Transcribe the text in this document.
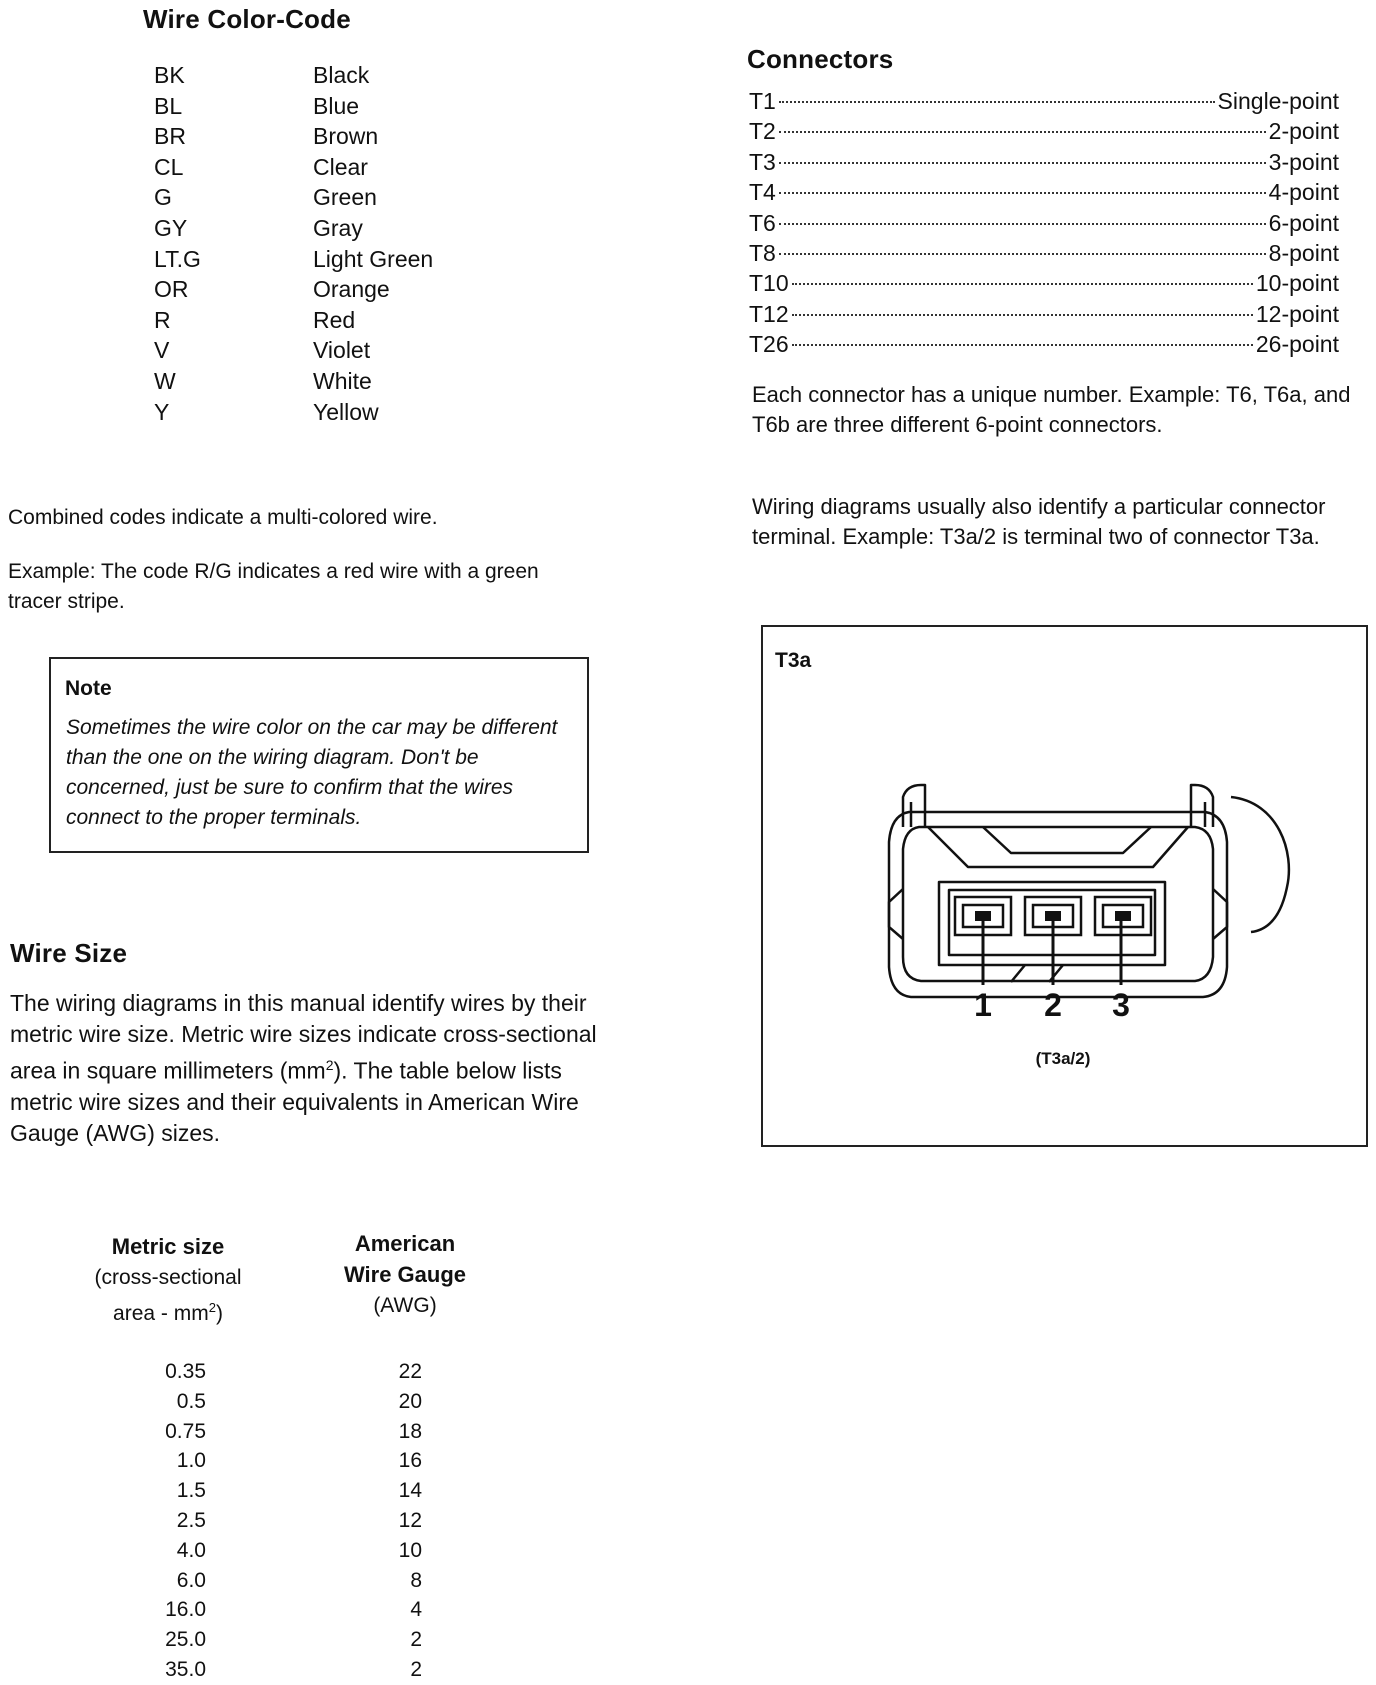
Wire Color-Code
BK	Black
BL	Blue
BR	Brown
CL	Clear
G	Green
GY	Gray
LT.G	Light Green
OR	Orange
R	Red
V	Violet
W	White
Y	Yellow

Combined codes indicate a multi-colored wire.

Example: The code R/G indicates a red wire with a green tracer stripe.

Note
Sometimes the wire color on the car may be different than the one on the wiring diagram. Don't be concerned, just be sure to confirm that the wires connect to the proper terminals.
Wire Size

The wiring diagrams in this manual identify wires by their metric wire size. Metric wire sizes indicate cross-sectional area in square millimeters $(mm^2)$. The table below lists metric wire sizes and their equivalents in American Wire Gauge (AWG) sizes.

Metric size
(cross-sectional
area - $mm^2$)
American
Wire Gauge
(AWG)
0.35	22
0.5	20
0.75	18
1.0	16
1.5	14
2.5	12
4.0	10
6.0	8
16.0	4
25.0	2
35.0	2
Connectors
T1	Single-point
T2	2-point
T3	3-point
T4	4-point
T6	6-point
T8	8-point
T10	10-point
T12	12-point
T26	26-point

Each connector has a unique number. Example: T6, T6a, and T6b are three different 6-point connectors.

Wiring diagrams usually also identify a particular connector terminal. Example: T3a/2 is terminal two of connector T3a.

T3a
1 2 3
(T3a/2)
